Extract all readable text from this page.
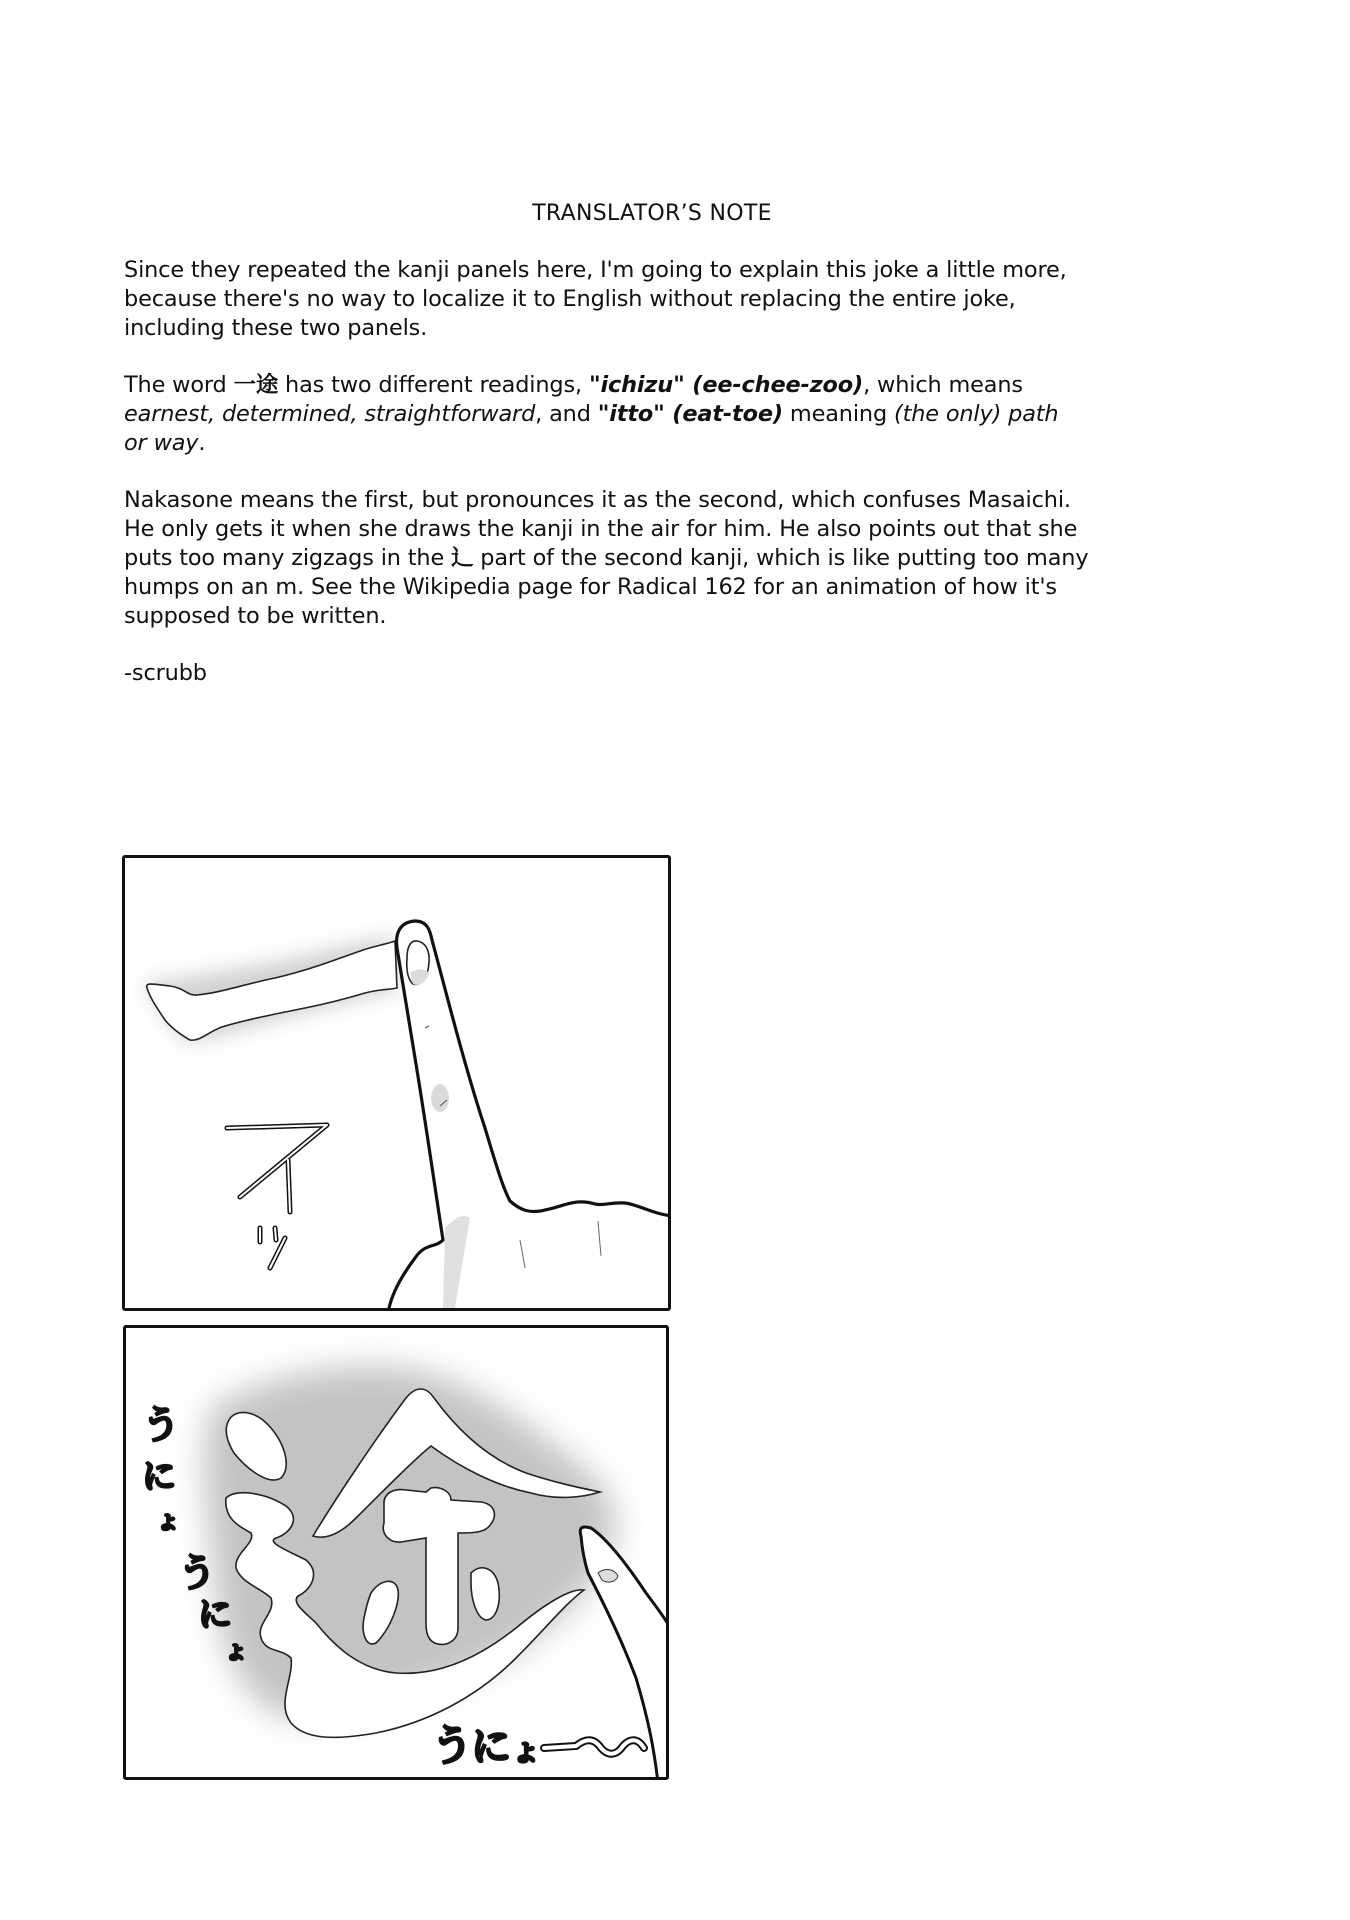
TRANSLATOR’S NOTE
Since they repeated the kanji panels here, I'm going to explain this joke a little more,
because there's no way to localize it to English without replacing the entire joke,
including these two panels.
The word 一途 has two different readings, "ichizu" (ee-chee-zoo), which means
earnest, determined, straightforward, and "itto" (eat-toe) meaning (the only) path
or way.
Nakasone means the first, but pronounces it as the second, which confuses Masaichi.
He only gets it when she draws the kanji in the air for him. He also points out that she
puts too many zigzags in the ⻌ part of the second kanji, which is like putting too many
humps on an m. See the Wikipedia page for Radical 162 for an animation of how it's
supposed to be written.
-scrubb
う
に
ょ
う
に
ょ
う
に ょ
